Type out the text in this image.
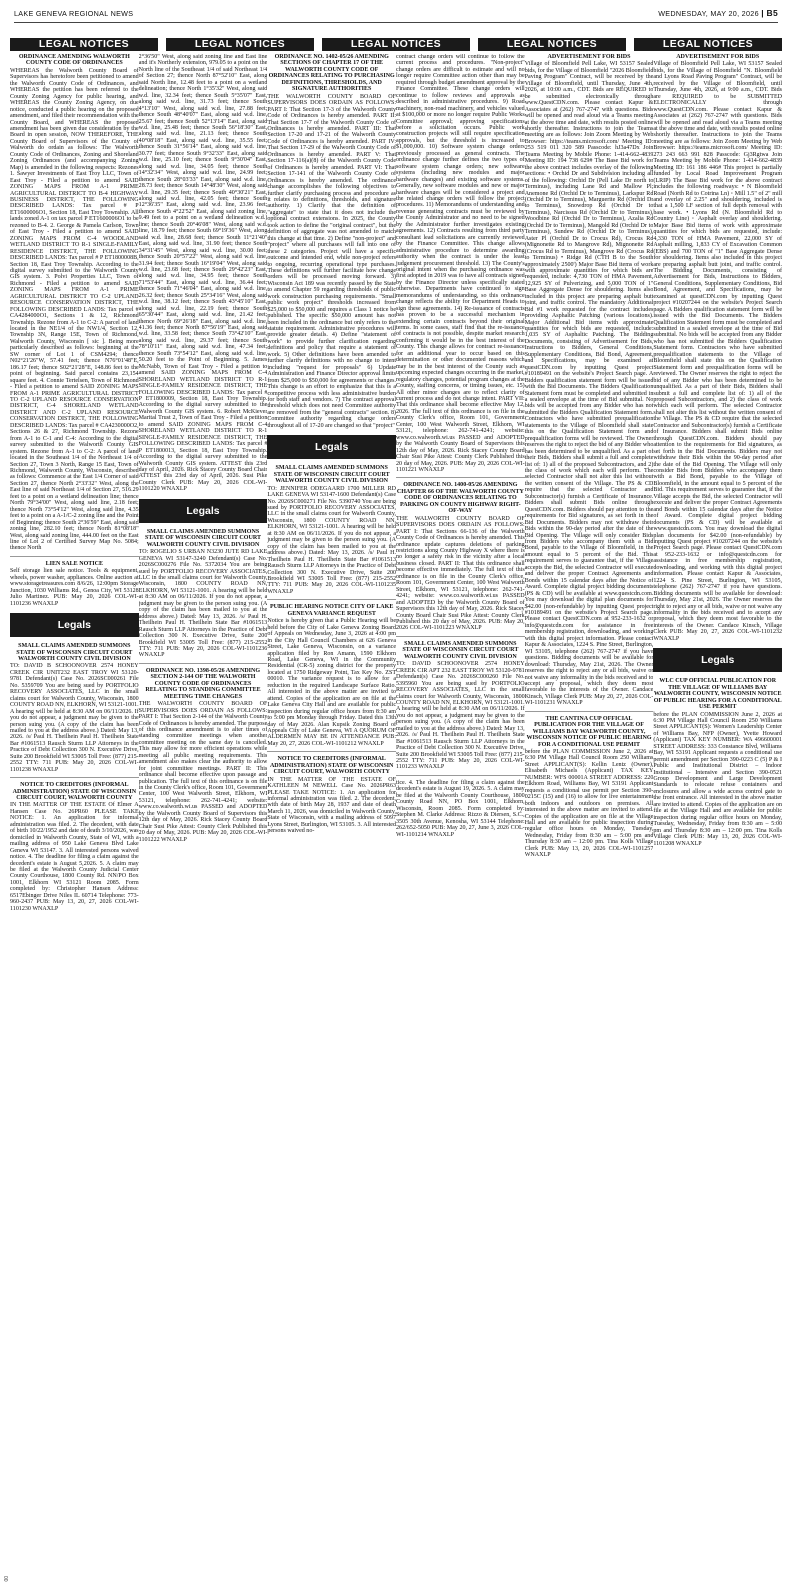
LAKE GENEVA REGIONAL NEWS	WEDNESDAY, MAY 20, 2026 | B5
LEGAL NOTICES	LEGAL NOTICES	LEGAL NOTICES	LEGAL NOTICES	LEGAL NOTICES
ORDINANCE AMENDING WALWORTH COUNTY CODE OF ORDINANCES

WHEREAS the Walworth County Board of Supervisors has heretofore been petitioned to amend the Walworth County Code of Ordinances, and WHEREAS the petition has been referred to the County Zoning Agency for public hearing, and WHEREAS the County Zoning Agency, on due notice, conducted a public hearing on the proposed amendment, and filed their recommendation with the County Board, and WHEREAS the proposed amendment has been given due consideration by the Board in open session, NOW THEREFORE, THE County Board of Supervisors of the County of Walworth do ordain as follows: The Walworth County Code of Ordinances, Zoning and Shoreland Zoning Ordinances (and accompanying Zoning Map) is amended in the following respects: Rezones 1. Sawyer Investments of East Troy LLC, Town of East Troy - Filed a petition to amend SAID ZONING MAPS FROM A-1 PRIME AGRICULTURAL DISTRICT TO B-4 HIGHWAY BUSINESS DISTRICT, THE FOLLOWING DESCRIBED LANDS: Tax parcel # P ET1600006O1, Section 18, East Troy Township. All lands zoned A-1 on tax parcel P ET1600006O1 to be rezoned to B-4. 2. George & Pamela Carlson, Town of East Troy - Filed a petition to amend SAID ZONING MAPS FROM C-4 WOODLAND WETLAND DISTRICT TO R-1 SINGLE-FAMILY RESIDENCE DISTRICT, THE FOLLOWING DESCRIBED LANDS: Tax parcel # P ET1800008B, Section 18, East Troy Township. According to the digital survey submitted to the Walworth County GIS system. 3. Polvi Properties LLC, Town of Richmond - Filed a petition to amend SAID ZONING MAPS FROM A-1 PRIME AGRICULTURAL DISTRICT TO C-2 UPLAND RESOURCE CONSERVATION DISTRICT, THE FOLLOWING DESCRIBED LANDS: Tax parcel # CA4284000O1, Sections 1 & 12, Richmond Township. Rezone from A-1 to C-2: A parcel of land located in the NE1/4 of the NW1/4, Section 12, Township 3N, Range 15E, Town of Richmond, Walworth County, Wisconsin [ sic ]. Being more particularly described as follows: beginning at the SW corner of Lot 1 of CSM4294; thence N02°21'26"W, 57.41 feet; thence N76°01'48"E, 186.17 feet; thence S02°21'28"E, 148.86 feet to the point of beginning. Said parcel contains 23,154 square feet. 4. Connie Tertelsen, Town of Richmond - Filed a petition to amend SAID ZONING MAPS FROM A-1 PRIME AGRICULTURAL DISTRICT TO C-2 UPLAND RESOURCE CONSERVATION DISTRICT, C-4 SHORELAND WETLAND DISTRICT AND C-2 UPLAND RESOURCE CONSERVATION DISTRICT, THE FOLLOWING DESCRIBED LANDS: Tax parcel # CA4230000O2, Sections 26 & 27, Richmond Township. Rezone from A-1 to C-1 and C-4: According to the digital survey submitted to the Walworth County GIS system. Rezone from A-1 to C-2: A parcel of land located in the Southeast 1/4 of the Northeast 1/4 of Section 27, Town 3 North, Range 15 East, Town of Richmond, Walworth County, Wisconsin, described as follows: Commence at the East 1/4 Corner of said Section 27, thence North 2°33'32" West, along the East line of said Northeast 1/4 of Section 27, 516.29 feet to a point on a wetland delineation line; thence North 79°34'00" West, along said line, 2.18 feet; thence North 73°54'12" West, along said line, 4.35 feet to a point on a A-1/C-2 zoning line and the Point of Beginning; thence South 2°36'59" East, along said zoning line, 282.10 feet; thence North 81°08'18" West, along said zoning line, 444.00 feet on the East line of Lot 2 of Certified Survey Map No. 5084; thence North

LIEN SALE NOTICE

Self storage lien sale notice. Tools & equipment, wheels, power washer, appliances. Online auction at www.storagetreasures.com 8/6/26, 12:00pm Storage Junction, 1030 Williams Rd., Genoa City, WI 53128 Julio Martinez. PUB: May 20, 2026 COL-WI-1101236 WNAXLP

Legals
SMALL CLAIMS AMENDED SUMMONS STATE OF WISCONSIN CIRCUIT COURT WALWORTH COUNTY CIVIL DIVISION

TO: DAVID B SCHOONOVER 2574 HONEY CREEK CIR UNIT232 EAST TROY WI 53120-9781 Defendant(s) Case No. 2026SC000261 File No. 5359709 You are being sued by PORTFOLIO RECOVERY ASSOCIATES, LLC in the small claims court for Walworth County, Wisconsin, 1800 COUNTY ROAD NN, ELKHORN, WI 53121-1001. A hearing will be held at 8:30 AM on 06/11/2026. If you do not appear, a judgment may be given to the person suing you. (A copy of the claim has been mailed to you at the address above.) Dated: May 13, 2026. /s/ Paul H. Theilhein Paul H. Theilhein State Bar #1061513 Rausch Sturm LLP Attorneys in the Practice of Debt Collection 300 N. Executive Drive, Suite 200 Brookfield WI 53005 Toll Free: (877) 215-2552 TTY: 711 PUB: May 20, 2026 COL-WI-1101238 WNAXLP

NOTICE TO CREDITORS (INFORMAL ADMINISTRATION) STATE OF WISCONSIN CIRCUIT COURT, WALWORTH COUNTY

IN THE MATTER OF THE ESTATE Of Elmer A Hansen Case No. 26PR60 PLEASE TAKE NOTICE: 1. An application for informal administration was filed. 2. The decedent, with date of birth 10/22/1952 and date of death 3/10/2026, was domiciled in Walworth County, State of WI, with a mailing address of 950 Lake Geneva Blvd Lake Geneva WI 53147. 3. All interested persons waived notice. 4. The deadline for filing a claim against the decedent's estate is August 5,2026. 5. A claim may be filed at the Walworth County Judicial Center County Courthouse, 1800 County Rd. NN/PO Box 1001, Elkhorn WI 53121 Room 2085. Form completed by: Christopher Hansen Address: 6517Ebinger Drive Niles IL 60714 Telephone: 773-960-2437 PUB: May 13, 20, 27, 2026 COL-WI-1101230 WNAXLP

2°36'50" West, along said zoning line and East line and it's Northerly extension, 979.05 to a point on the North line of the Southeast 1/4 of said Northeast 1/4 of Section 27; thence North 87°52'10" East, along said North line, 12.48 feet to a point on a wetland delineation; thence North 1°35'32" West, along said w.d. line, 32.34 feet; thence South 5°35'07" East, along said w.d. line, 31.73 feet; thence South 4°13'10" West, along said w.d. line, 27.88 feet; thence South 48°40'07" East, along said w.d. line, 25.67 feet; thence South 52°13'14" East, along said w.d. line, 25.48 feet; thence South 56°18'30" East, along said w.d. line, 21.13 feet; thence South 40°08'18" East, along said w.d. line, 35.55 feet; thence South 31°56'14" East, along said w.d. line, 30.77 feet; thence South 9°32'33" East, along said w.d. line, 25.10 feet; thence South 9°30'04" East, along said w.d. line, 34.05 feet; thence South 14°32'34" West, along said w.d. line, 24.99 feet; thence South 28°03'33" East, along said w.d. line, 28.73 feet; thence South 14°48'30" West, along said w.d. line, 29.35 feet; thence South 40°30'21" East, along said w.d. line, 42.05 feet; thence South 12°36'35" East, along said w.d. line, 23.96 feet; thence South 4°22'52" East, along said zoning line, 9.49 feet to a point on a wetland delineation w.d.) line; thence South 20°46'08" West, along said w.d. line, 18.79 feet; thence South 69°19'36" West, along said w.d. line, 28.68 feet; thence South 11°21'40" East, along said w.d. line, 31.90 feet; thence South 34°31'45" West, along said w.d. line, 30.00 feet; thence South 20°57'22" West, along said w.d. line, 31.94 feet; thence South 16°19'04" West, along said w.d. line, 23.68 feet; thence South 29°42'23" East, along said w.d. line, 34.95 feet; thence South 71°53'44" East, along said w.d. line, 36.44 feet; thence South 71°46'04" East, along said w.d. line, 26.32 feet; thence South 25°34'16" West, along said w.d. line, 38.12 feet; thence South 43°45'10" East, along said w.d. line, 22.19 feet; thence South 65°30'44" East, along said w.d. line, 21.42 feet; thence North 69°26'18" East, along said w.d. line, 41.36 feet; thence North 87°56'19" East, along said w.d. line, 33.58 feet; thence South 73°42'10" East, along said w.d. line, 29.37 feet; thence South 78°10'11" East, along said w.d. line, 47.34 feet; thence South 73°54'12" East, along said w.d. line, 50.20 feet to the Point of Beginning. 5. James McNabb, Town of East Troy - Filed a petition to amend SAID ZONING MAPS FROM C-4 SHORELAND WETLAND DISTRICT TO R-1 SINGLE-FAMILY RESIDENCE DISTRICT, THE FOLLOWING DESCRIBED LANDS: Tax parcel # P ET1800009, Section 18, East Troy Township. According to the digital survey submitted to the Walworth County GIS system. 6. Robert McKiever Marital Trust 2, Town of East Troy - Filed a petition to amend SAID ZONING MAPS FROM C-4 SHORELAND WETLAND DISTRICT TO R-1 SINGLE-FAMILY RESIDENCE DISTRICT, THE FOLLOWING DESCRIBED LANDS: Tax parcel # P ET1800013, Section 18, East Troy Township. According to the digital survey submitted to the Walworth County GIS system. ATTEST this 23rd day of April, 2026. Rick Stacey County Board Chair ATTEST this 23rd day of April, 2026. Susi Pike County Clerk PUB: May 20, 2026 COL-WI-1101220 WNAXLP

Legals
SMALL CLAIMS AMENDED SUMMONS STATE OF WISCONSIN CIRCUIT COURT WALWORTH COUNTY CIVIL DIVISION

TO: ROGELIO S URBAN N3230 JUTE RD LAKE GENEVA WI 53147-3240 Defendant(s) Case No. 2026SC000276 File No. 5372034 You are being sued by PORTFOLIO RECOVERY ASSOCIATES, LLC in the small claims court for Walworth County, Wisconsin, 1800 COUNTY ROAD NN, ELKHORN, WI 53121-1001. A hearing will be held at 8:30 AM on 06/11/2026. If you do not appear, a judgment may be given to the person suing you. (A copy of the claim has been mailed to you at the address above.) Dated: May 13, 2026. /s/ Paul H. Theilhein Paul H. Theilhein State Bar #1061513 Rausch Sturm LLP Attorneys in the Practice of Debt Collection 300 N. Executive Drive, Suite 200 Brookfield WI 53005 Toll Free: (877) 215-2552 TTY: 711 PUB: May 20, 2026 COL-WI-1101236 WNAXLP

ORDINANCE NO. 1398-05/26 AMENDING SECTION 2-144 OF THE WALWORTH COUNTY CODE OF ORDINANCES RELATING TO STANDING COMMITTEE MEETING TIME CHANGES

THE WALWORTH COUNTY BOARD OF SUPERVISORS DOES ORDAIN AS FOLLOWS: PART I: That Section 2-144 of the Walworth County Code of Ordinances is hereby amended. The purpose of this ordinance amendment is to alter times of standing committee meetings when another committee meeting on the same day is cancelled. This may allow for more efficient operations while meeting all public meeting requirements. This amendment also makes clear the authority to allow for joint committee meetings. PART II: This ordinance shall become effective upon passage and publication. The full text of this ordinance is on file in the County Clerk's office, Room 101, Government Center, 100 West Walworth Street, Elkhorn, WI 53121, telephone: 262-741-4241; website: www.co.walworth.wi.us PASSED and ADOPTED by the Walworth County Board of Supervisors this 12th day of May, 2026. Rick Stacey County Board Chair Susi Pike Attest: County Clerk Published this 20 day of May, 2026. PUB: May 20, 2026 COL-WI-1101222 WNAXLP

ORDINANCE NO. 1402-05/26 AMENDING SECTIONS OF CHAPTER 17 OF THE WALWORTH COUNTY CODE OF ORDINANCES RELATING TO PURCHASING DEFINITIONS, THRESHOLDS, AND SIGNATURE AUTHORITIES

THE WALWORTH COUNTY BOARD OF SUPERVISORS DOES ORDAIN AS FOLLOWS: PART I: That Section 17-3 of the Walworth County Code of Ordinances is hereby amended. PART II: That Section 17-7 of the Walworth County Code of Ordinances is hereby amended. PART III: That Section 17-20 and 17-21 of the Walworth County Code of Ordinances is hereby amended. PART IV: That Section 17-29 of the Walworth County Code of Ordinances is hereby amended. PART V: That Section 17-116(a)(8) of the Walworth County Code of Ordinances is hereby amended. PART VI: That Section 17-141 of the Walworth County Code of Ordinances is hereby amended. The ordinance change accomplishes the following objectives to further clarify purchasing process and procedure as it relates to definitions, thresholds, and signature authority. 1) Clarify that the definition of "aggregate" to state that it does not include the optional contract extensions. In 2025, the County took action to define the "original contract", but the definition of aggregate was not amended to match this change at that time. 2) Define "non-project" and "project" where all purchases will fall into one of these 2 categories. Project will have a specific outcome and intended end, while non-project refers to ongoing, recurring operational type purchases. These definitions will further facilitate how change orders will be processed moving forward. 3) Wisconsin Act 189 was recently passed by the State to amend Chapter 59 regarding thresholds of public work construction purchasing requirements. "Small public work project" thresholds increased from $25,000 to $50,000 and requires a Class 1 notice be published. The specific $50,000 amount has not been included in the ordinance but only refers to the statute requirement. Administrative procedures will provide greater details. 4) Define "statement of work" to provide further clarification regarding definitions and policy that require a statement of work. 5) Other definitions have been amended to further clarify definitions with no change to intent including "request for proposals" 6) Update Administration and Finance Director approval limits from $25,000 to $50,000 for agreements or changes. This change is an effort to emphasize that this is a competitive process with less administrative burden for both staff and vendors. 7) The contract approval threshold which does not need Committee authority are removed from the "general contracts" section. 8) Committee authority regarding change orders throughout all of 17-20 are changed so that "project"

Legals
SMALL CLAIMS AMENDED SUMMONS STATE OF WISCONSIN CIRCUIT COURT WALWORTH COUNTY CIVIL DIVISION

TO: JENNIFER ODEGAARD 1700 MILLER RD LAKE GENEVA WI 53147-1600 Defendant(s) Case No. 2026SC000271 File No. 5390740 You are being sued by PORTFOLIO RECOVERY ASSOCIATES, LLC in the small claims court for Walworth County, Wisconsin, 1800 COUNTY ROAD NN, ELKHORN, WI 53121-1001. A hearing will be held at 8:30 AM on 06/11/2026. If you do not appear, a judgment may be given to the person suing you. (A copy of the claim has been mailed to you at the address above.) Dated: May 13, 2026. /s/ Paul H. Theilhein Paul H. Theilhein State Bar #1061513 Rausch Sturm LLP Attorneys in the Practice of Debt Collection 300 N. Executive Drive, Suite 200 Brookfield WI 53005 Toll Free: (877) 215-2552 TTY: 711 PUB: May 20, 2026 COL-WI-1101235 WNAXLP

PUBLIC HEARING NOTICE CITY OF LAKE GENEVA VARIANCE REQUEST

Notice is hereby given that a Public Hearing will be held before the City of Lake Geneva Zoning Board of Appeals on Wednesday, June 3, 2026 at 4:00 pm in the City Hall Council Chambers at 626 Geneva Street, Lake Geneva, Wisconsin, on a variance application filed by Ron Amann, 1590 Elkhorn Road, Lake Geneva, WI in the Community Residential (CR-5) zoning district for the property located at 1750 Ridgeway Point, Tax Key No. ZST 00010. The variance request is to allow for a reduction in the required Landscape Surface Ratio. All interested in the above matter are invited to attend. Copies of the application are on file at the Lake Geneva City Hall and are available for public inspection during regular office hours from 8:30 am to 5:00 pm Monday through Friday. Dated this 13th day of May 2026. Alan Kupsik Zoning Board of Appeals City of Lake Geneva, WI A QUORUM OF ALDERMEN MAY BE IN ATTENDANCE PUB: May 20, 27, 2026 COL-WI-1101212 WNAXLP

NOTICE TO CREDITORS (INFORMAL ADMINISTRATION) STATE OF WISCONSIN CIRCUIT COURT, WALWORTH COUNTY

IN THE MATTER OF THE ESTATE OF KATHLEEN M NEWELL Case No. 2026PR63 PLEASE TAKE NOTICE: 1. An application for informal administration was filed. 2. The decedent, with date of birth May 28, 1937 and date of death March 11, 2026, was domiciled in Walworth County, State of Wisconsin, with a mailing address of 5097 Lyons Street, Burlington, WI 53105. 3. All interested persons waived no-

contract change orders will continue to follow the current process and procedures. "Non-project" change orders are difficult to estimate and will no longer require Committee action other than may be required through budget amendment approval by the Finance Committee. These change orders will continue to follow reviews and approvals as described in administrative procedures. 9) Road machinery, non-road machinery, and vehicles valued at $100,000 or more no longer require Public Works Committee approval; approving specifications before a solicitation occurs. Public work construction projects will still require specification approvals, but the threshold is increased to $1,000,000. 10) Software system change orders previously processed as general contracts. The ordinance change further defines the two types of software system change orders; new software systems (including new modules and major hardware changes) and existing software systems. Generally, new software modules and new or major hardware changes will be considered a project and the related change orders will follow the project procedures. 11) Memorandums of understanding and revenue generating contracts must be reviewed by the County Administrator and no need to be signed by the Administrator further investigates existing agreements. 12) Contracts resulting from third party consultant lead solicitations are currently reviewed by the Finance Committee. This change allows administrative procedure to determine awarding authority when the contract is under the least judgement procurement threshold. 13) The County's original intent when the purchasing ordinance was first adopted in 2019 was to have all contracts signed by the Finance Director unless specifically stated otherwise. Departments have continued to sign memorandums of understanding, so this ordinance change reflects the ability for Department Heads to sign these agreements. 14) Re-issuance of contracts has proven to be a successful mechanism in extending certain contracts beyond their original terms. In some cases, staff find that the re-issuance of contracts is not possible, despite market research confirming it would be in the best interest of the County. This change allows for contract re-issuance for an additional year to occur based on this determination or other documented reasons which may be in the best interest of the County such as upcoming expected changes occurring in the market, regulatory changes, potential program changes at the County, staffing concerns, or timing issues, etc. 15) All other minor changes are to reflect clarity of current process and do not change intent. PART VII: That this ordinance shall become effective May 12, 2026. The full text of this ordinance is on file in the County Clerk's office, Room 101, Government Center, 100 West Walworth Street, Elkhorn, WI 53121, telephone: 262-741-4241; website: www.co.walworth.wi.us PASSED and ADOPTED by the Walworth County Board of Supervisors this 12th day of May, 2026. Rick Stacey County Board Chair Susi Pike Attest: County Clerk Published this 20 day of May, 2026. PUB: May 20, 2026 COL-WI-1101221 WNAXLP

ORDINANCE NO. 1400-05/26 AMENDING CHAPTER 66 OF THE WALWORTH COUNTY CODE OF ORDINANCES RELATING TO PARKING ON COUNTY HIGHWAY RIGHT-OF-WAY

THE WALWORTH COUNTY BOARD OF SUPERVISORS DOES ORDAIN AS FOLLOWS: PART I: That Sections 66-136 of the Walworth County Code of Ordinances is hereby amended. This ordinance update captures deletions of parking restrictions along County Highway X where there is no longer a safety risk in the vicinity after a local business closed. PART II: That this ordinance shall become effective immediately. The full text of this ordinance is on file in the County Clerk's office, Room 101, Government Center, 100 West Walworth Street, Elkhorn, WI 53121, telephone: 262-741-4241; website: www.co.walworth.wi.us PASSED and ADOPTED by the Walworth County Board of Supervisors this 12th day of May, 2026. Rick Stacey County Board Chair Susi Pike Attest: County Clerk Published this 20 day of May, 2026. PUB: May 20, 2026 COL-WI-1101223 WNAXLP

SMALL CLAIMS AMENDED SUMMONS STATE OF WISCONSIN CIRCUIT COURT WALWORTH COUNTY CIVIL DIVISION

TO: DAVID SCHOONOVER 2574 HONEY CREEK CIR APT 232 EAST TROY WI 53120-9781 Defendant(s) Case No. 2026SC000260 File No. 5395960 You are being sued by PORTFOLIO RECOVERY ASSOCIATES, LLC in the small claims court for Walworth County, Wisconsin, 1800 COUNTY ROAD NN, ELKHORN, WI 53121-1001. A hearing will be held at 8:30 AM on 06/11/2026. If you do not appear, a judgment may be given to the person suing you. (A copy of the claim has been mailed to you at the address above.) Dated: May 13, 2026. /s/ Paul H. Theilhein Paul H. Theilhein State Bar #1061513 Rausch Sturm LLP Attorneys in the Practice of Debt Collection 300 N. Executive Drive, Suite 200 Brookfield WI 53005 Toll Free: (877) 215-2552 TTY: 711 PUB: May 20, 2026 COL-WI-1101233 WNAXLP

tice. 4. The deadline for filing a claim against the decedent's estate is August 19, 2026. 5. A claim may be filed at the Walworth County Courthouse, 1800 County Road NN, PO Box 1001, Elkhorn, Wisconsin, Room 2085. Form completed by: Stephen M. Clarke Address: Rizzo & Diersen, S.C., 3505 30th Avenue, Kenosha, WI 53144 Telephone: 262/652-5050 PUB: May 20, 27, June 3, 2026 COL-WI-1101214 WNAXLP

ADVERTISEMENT FOR BIDS

Village of Bloomfield Pell Lake, WI 53157 Sealed bids, for the Village of Bloomfield "2026 Bloomfield Paving Program" Contract, will be received by the Village of Bloomfield, until Thursday, June 4th, 2026, at 10:00 a.m., CDT. Bids are REQUIRED to be submitted electronically through www.QuestCDN.com. Please contact Kapur & Associates at (262) 767-2747 with questions. Bids will be opened and read aloud via a Teams meeting at the above time and date, with results posted online shortly thereafter. Instructions to join the Teams meeting are as follows: Join Zoom Meeting by Web Browser: https://teams.microsoft.com/ Meeting ID: 253 519 011 320 589 Passcode: hJ3a47Dx Join Teams Meeting by Mobile Phone: 1-414-662-4839 Meeting ID: 194 738 629# The Base Bid work for the above contract includes overlay of the following sections: • Orchid Dr and Subdivision including all of the following: Orchid Dr (Pell Lake Dr north to Terminus), including Lane Rd and Mallow Pl; Anemone Rd (Orchid Dr to Terminus), Larkspur Rd (Orchid Dr to Terminus), Marguerite Rd (Orchid Dr to Terminus), Snowdrop Rd (Orchid Dr to Terminus), Narcissus Rd (Orchid Dr to Terminus), Woodbine Rd (Orchid Dr to Terminus), Azalia Rd (Orchid Dr to Terminus), Mangold Rd (Orchid Dr to Terminus), Sundew Rd (Orchid Dr to Terminus), Aster Pl (Orchid Dr to Crocus Rd), Crocus Rd (Mignonette Rd to Mangrove Rd), Mignonette Rd (Crocus Rd to Terminus), Mangrove Rd (Crocus Rd to Terminus) • Ridge Rd (CTH B to the South approximately 2500') Major Base Bid items of work with approximate quantities for which bids are requested, include: 4,730 TON of HMA Pavement, 12,925 SY of Pulverizing, and 5,000 TON of 1" Base Aggregate Dense for shouldering. Items also included in this project are preparing asphalt butt joint, and traffic control. The mandatory Additional Bid #1 work requested for the contract includes providing Asphaltic Patching (various locations). Major Additional Bid items with approximate quantities for which bids are requested, include: 1,035 SY of Asphaltic Patching. The Bidding Documents, consisting of Advertisement for Bids, Instructions to Bidders, General Conditions, Supplementary Conditions, Bid Bond, Agreement, and Specifications, may be examined at questCDN.com by inputting Quest project #10189491 on the website's Project Search page. A Bidders qualification statement form will be issued with the Bid Documents. The Bidders Qualification Statement form must be completed and submitted in a sealed envelope at the time of Bid submittal. No bids will be accepted from any Bidder who has not submitted the Bidders Qualification Statement form. Contractors who have submitted prequalification statements to the Village of Bloomfield shall state this on the Qualification Statement form and prequalification forms will be reviewed. The Owner reserves the right to reject the bid of any Bidder who has been determined to be unqualified. As a part of their Bids, Bidders shall submit a full and complete list of: 1) all of the proposed Subcontractors, and 2) the class of work which each will perform. The selected Contractor shall not alter this list without the written consent of the Village. The PS & CD require that the selected Contractor and Subcontractor(s) furnish a Certificate of Insurance. Bidders shall submit Bids online through QuestCDN.com. Bidders should pay attention to the requirements for Bid signatures, as set forth in the Bid Documents. Bidders may not withdraw their Bids within the 90-day period after the date of the Bid Opening. The Village will only consider Bids from Bidders who accompany them with a Bid Bond, payable to the Village of Bloomfield, in the amount equal to 5 percent of the Bid. This requirement serves to guarantee that, if the Village accepts the Bid, the selected Contractor will execute and deliver the proper Contract Agreements and Bonds within 15 calendar days after the Notice of Award. Complete digital project bidding documents (PS & CD) will be available at www.questcdn.com. You may download the digital plan documents for $42.00 (non-refundable) by inputting Quest project #10189491 on the website's Project Search page. Please contact QuestCDN.com at 952-233-1632 or info@questcdn.com for assistance in free membership registration, downloading, and working with this digital project information. Please contact Kapur & Associates, 1224 S. Pine Street, Burlington, WI 53105, telephone (262) 767-2747 if you have questions. Bidding documents will be available for download: Thursday, May 21st, 2026. The Owner reserves the right to reject any or all bids, waive or not waive any informality in the bids received and to accept any proposal, which they deem most favorable to the interests of the Owner. Candace Kinsch, Village Clerk PUB: May 20, 27, 2026 COL-WI-1101231 WNAXLP

THE CANTINA CUP OFFICIAL PUBLICATION FOR THE VILLAGE OF WILLIAMS BAY WALWORTH COUNTY, WISCONSIN NOTICE OF PUBLIC HEARING FOR A CONDITIONAL USE PERMIT

before the PLAN COMMISSION June 2, 2026 at 6:30 PM Village Hall Council Room 250 Williams Street APPLICANT(S): Kellin Lentz (Owner), Elisabeth Michaels (Applicant) TAX KEY NUMBER: WFS 00001A STREET ADDRESS: 220 Elkhorn Road, Williams Bay, WI 53191 Applicant requests a conditional use permit per Section 390-0215C (15) and (16) to allow for live entertainment both indoors and outdoors on premises. All interested in the above matter are invited to attend. Copies of the application are on file at the Village Hall and are available for public inspection during regular office hours on Monday, Tuesday, Wednesday, Friday from 8:30 am – 5:00 pm and Thursday 8:30 am – 12:00 pm. Tina Kolls Village Clerk PUB: May 13, 20, 2026 COL-WI-1101257 WNAXLP

ADVERTISEMENT FOR BIDS

Village of Bloomfield Pell Lake, WI 53157 Sealed bids, for the Village of Bloomfield "N. Bloomfield and Lyons Road Paving Program" Contract, will be received by the Village of Bloomfield, until Thursday, June 4th, 2026, at 9:00 a.m., CDT. Bids are REQUIRED to be SUBMITTED ELECTRONICALLY through www.QuestCDN.com. Please contact Kapur & Associates at (262) 767-2747 with questions. Bids will be opened and read aloud via a Teams meeting at the above time and date, with results posted online shortly thereafter. Instructions to join the Teams meeting are as follows: Join Zoom Meeting by Web Browser: https://teams.microsoft.com/ Meeting ID: 273 243 663 991 828 Passcode: Gj3Rgtwa Join Teams Meeting by Mobile Phone: 1-414-662-4839 Meeting ID: 161 186 446# This project is partially funded by Local Road Improvement Program (LRIP) The Base Bid work for the above contract includes the following roadways: • N Bloomfield Road (North Rd to Cotrina Ln) ◦ Mill 1.5" of 2" mill and overlay of 2.25" and shouldering, included is that a 1,500 LF section of full depth removal with base work. • Lyons Rd (N. Bloomfield Rd to Country Line) ◦ Asphalt overlay and shouldering. Major Base Bid items of work with approximate quantities for which bids are requested, include: 4,330 TON of HMA Pavement, 22,000 SY of Asphalt milling, 1,833 CY of Excavation Common (EBS) and 700 TON of "1" Base Aggregate Dense for shouldering. Items also included in this project are preparing asphalt butt joint, and traffic control. The Bidding Documents, consisting of Advertisement for Bids, Instructions to Bidders, General Conditions, Supplementary Conditions, Bid Bond, Agreement, and Specifications, may be examined at questCDN.com by inputting Quest project #10207244 on the website's Project Search page. A Bidders qualification statement form will be issued with the Bid Documents. The Bidders Qualification Statement form must be completed and submitted in a sealed envelope at the time of Bid submittal. No bids will be accepted from any Bidder who has not submitted the Bidders Qualification Statement form. Contractors who have submitted prequalification statements to the Village of Bloomfield shall state this on the Qualification Statement form and prequalification forms will be reviewed. The Owner reserves the right to reject the bid of any Bidder who has been determined to be unqualified. As a part of their Bids, Bidders shall submit a full and complete list of: 1) all of the proposed Subcontractors, and 2) the class of work which each will perform. The selected Contractor shall not alter this list without the written consent of the Village. The PS & CD require that the selected Contractor and Subcontractor(s) furnish a Certificate of Insurance. Bidders shall submit Bids online through QuestCDN.com. Bidders should pay attention to the requirements for Bid signatures, as set forth in the Bid Documents. Bidders may not withdraw their Bids within the 90-day period after the date of the Bid Opening. The Village will only consider Bids from Bidders who accompany them with a Bid Bond, payable to the Village of Bloomfield, in the amount equal to 5 percent of the Bid. This requirement serves to guarantee that, if the Village accepts the Bid, the selected Contractor will execute and deliver the proper Contract Agreements and Bonds within 15 calendar days after the Notice of Award. Complete digital project bidding documents (PS & CD) will be available at www.questcdn.com. You may download the digital plan documents for $42.00 (non-refundable) by inputting Quest project #10207244 on the website's Project Search page. Please contact QuestCDN.com at 952-233-1632 or info@questcdn.com for assistance in free membership registration, downloading, and working with this digital project information. Please contact Kapur & Associates, 1224 S. Pine Street, Burlington, WI 53105, telephone (262) 767-2747 if you have questions. Bidding documents will be available for download: Thursday, May 21st, 2026. The Owner reserves the right to reject any or all bids, waive or not waive any informality in the bids received and to accept any proposal, which they deem most favorable to the interests of the Owner. Candace Kinsch, Village Clerk PUB: May 20, 27, 2026 COL-WI-1101232 WNAXLP

Legals
WLC CUP OFFICIAL PUBLICATION FOR THE VILLAGE OF WILLIAMS BAY WALWORTH COUNTY, WISCONSIN NOTICE OF PUBLIC HEARING FOR A CONDITIONAL USE PERMIT

before the PLAN COMMISSION June 2, 2026 at 6:30 PM Village Hall Council Room 250 Williams Street APPLICANT(S): Women's Leadership Center of Williams Bay, NFP (Owner), Yvette Howard (Applicant) TAX KEY NUMBER: WA 496600001 STREET ADDRESS: 333 Constance Blvd, Williams Bay, WI 53191 Applicant requests a conditional use permit amendment per Section 390-0223 C (5) P & I Public and Institutional District – Indoor Institutional – Intensive and Section 390-0521 Group Development and Large Development Standards to relocate refuse containers and enclosures and allow a wide access control gate to the front entrance. All interested in the above matter are invited to attend. Copies of the application are on file at the Village Hall and are available for public inspection during regular office hours on Monday, Tuesday, Wednesday, Friday from 8:30 am – 5:00 pm and Thursday 8:30 am – 12:00 pm. Tina Kolls Village Clerk PUB: May 13, 20, 2026 COL-WI-1101208 WNAXLP

00
